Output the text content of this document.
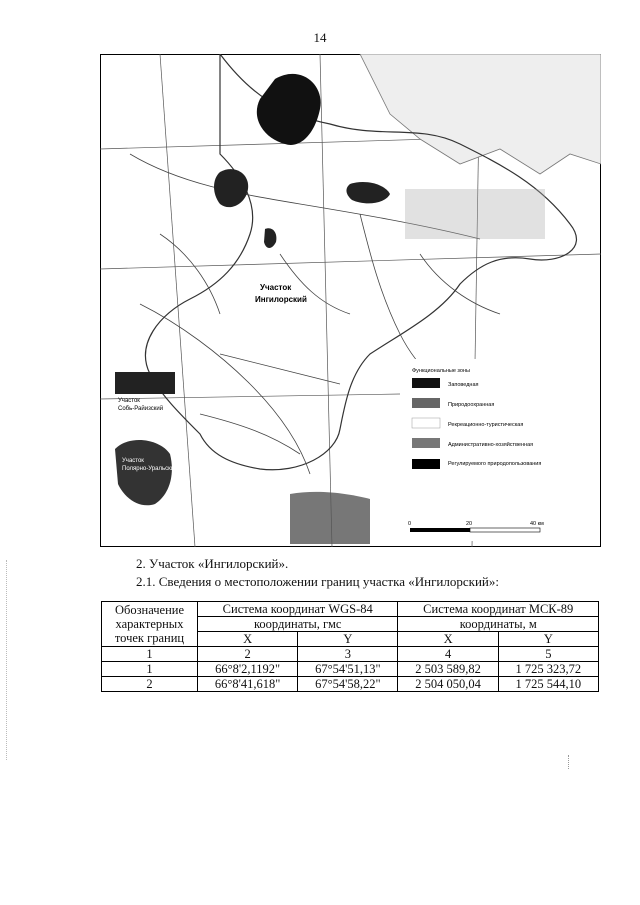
14
Участок
Ингилорский
Участок
Собь-Райизский
Участок
Полярно-Уральский
Функциональные зоны
Заповедная
Природоохранная
Рекреационно-туристическая
Административно-хозяйственная
Регулируемого природопользования
0	20	40 км
2. Участок «Ингилорский».
2.1. Сведения о местоположении границ участка «Ингилорский»:
Обозначение
характерных
точек границ	Система координат WGS-84		Система координат МСК-89	
	координаты, гмс		координаты, м	
	X	Y	X	Y
1	2	3	4	5
1	66°8'2,1192"	67°54'51,13"	2 503 589,82	1 725 323,72
2	66°8'41,618"	67°54'58,22"	2 504 050,04	1 725 544,10
